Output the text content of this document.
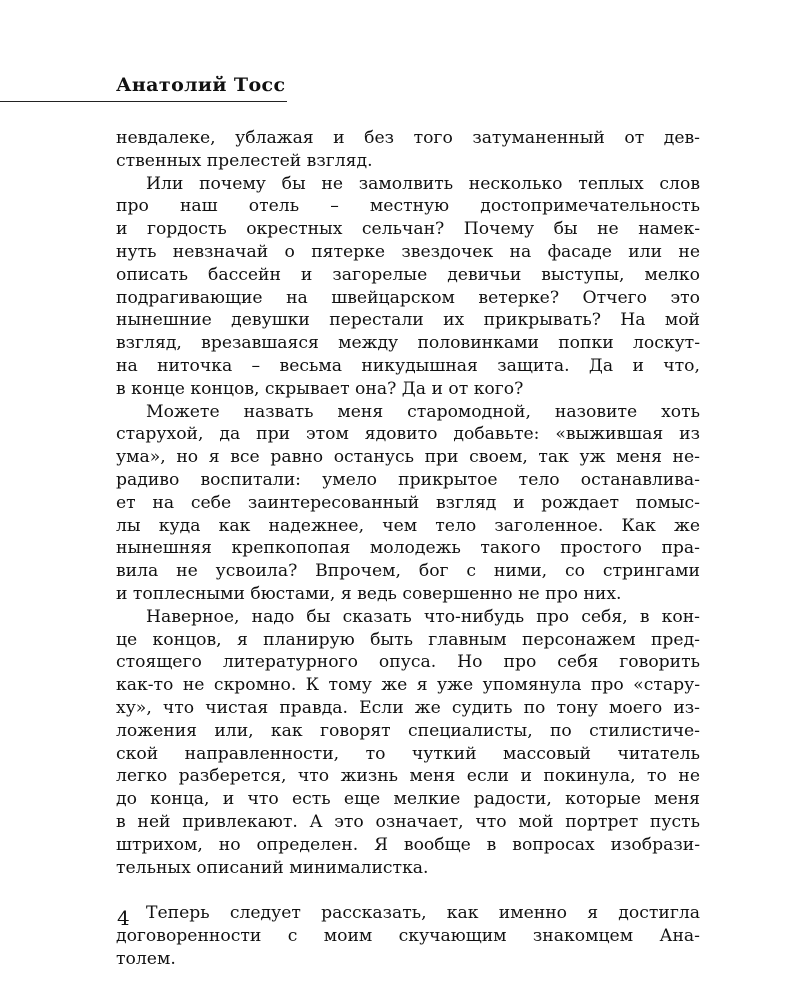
Анатолий Тосс
невдалеке, ублажая и без того затуманенный от дев-
ственных прелестей взгляд.
Или почему бы не замолвить несколько теплых слов
про наш отель – местную достопримечательность
и гордость окрестных сельчан? Почему бы не намек-
нуть невзначай о пятерке звездочек на фасаде или не
описать бассейн и загорелые девичьи выступы, мелко
подрагивающие на швейцарском ветерке? Отчего это
нынешние девушки перестали их прикрывать? На мой
взгляд, врезавшаяся между половинками попки лоскут-
на ниточка – весьма никудышная защита. Да и что,
в конце концов, скрывает она? Да и от кого?
Можете назвать меня старомодной, назовите хоть
старухой, да при этом ядовито добавьте: «выжившая из
ума», но я все равно останусь при своем, так уж меня не-
радиво воспитали: умело прикрытое тело останавлива-
ет на себе заинтересованный взгляд и рождает помыс-
лы куда как надежнее, чем тело заголенное. Как же
нынешняя крепкопопая молодежь такого простого пра-
вила не усвоила? Впрочем, бог с ними, со стрингами
и топлесными бюстами, я ведь совершенно не про них.
Наверное, надо бы сказать что-нибудь про себя, в кон-
це концов, я планирую быть главным персонажем пред-
стоящего литературного опуса. Но про себя говорить
как-то не скромно. К тому же я уже упомянула про «стару-
ху», что чистая правда. Если же судить по тону моего из-
ложения или, как говорят специалисты, по стилистиче-
ской направленности, то чуткий массовый читатель
легко разберется, что жизнь меня если и покинула, то не
до конца, и что есть еще мелкие радости, которые меня
в ней привлекают. А это означает, что мой портрет пусть
штрихом, но определен. Я вообще в вопросах изобрази-
тельных описаний минималистка.
Теперь следует рассказать, как именно я достигла
договоренности с моим скучающим знакомцем Ана-
толем.
4
